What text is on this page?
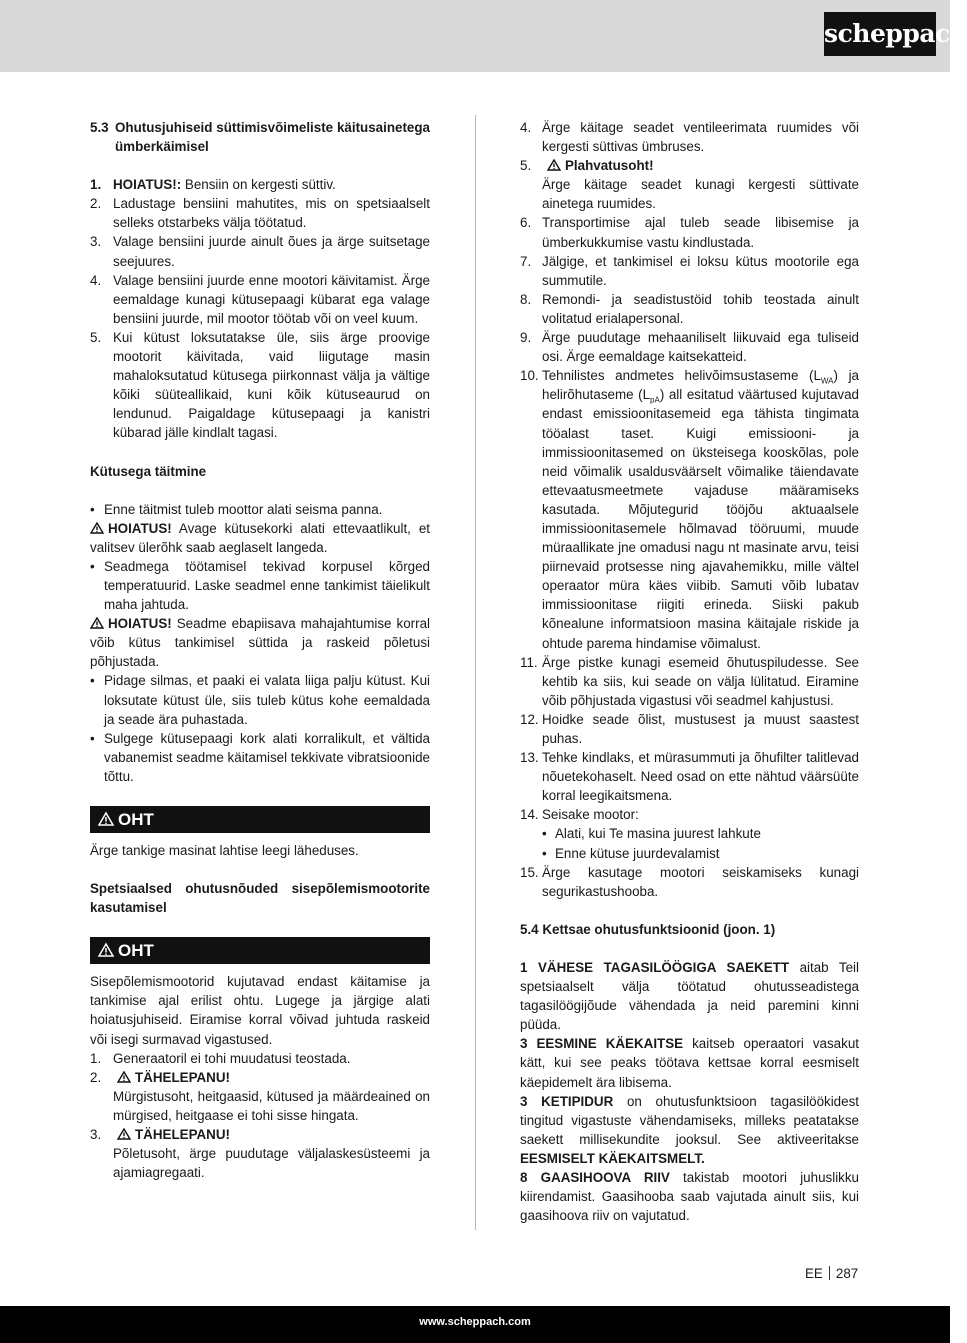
scheppach
5.3 Ohutusjuhiseid süttimisvõimeliste käitusainetega ümberkäimisel
1. HOIATUS!: Bensiin on kergesti süttiv.
2. Ladustage bensiini mahutites, mis on spetsiaalselt selleks otstarbeks välja töötatud.
3. Valage bensiini juurde ainult õues ja ärge suitsetage seejuures.
4. Valage bensiini juurde enne mootori käivitamist. Ärge eemaldage kunagi kütusepaagi kübarat ega valage bensiini juurde, mil mootor töötab või on veel kuum.
5. Kui kütust loksutatakse üle, siis ärge proovige mootorit käivitada, vaid liigutage masin mahaloksutatud kütusega piirkonnast välja ja vältige kõiki süüteallikaid, kuni kõik kütuseaurud on lendunud. Paigaldage kütusepaagi ja kanistri kübarad jälle kindlalt tagasi.

Kütusega täitmine

• Enne täitmist tuleb moottor alati seisma panna.

HOIATUS! Avage kütusekorki alati ettevaatlikult, et valitsev ülerõhk saab aeglaselt langeda.

• Seadmega töötamisel tekivad korpusel kõrged temperatuurid. Laske seadmel enne tankimist täielikult maha jahtuda.

HOIATUS! Seadme ebapiisava mahajahtumise korral võib kütus tankimisel süttida ja raskeid põletusi põhjustada.

• Pidage silmas, et paaki ei valata liiga palju kütust. Kui loksutate kütust üle, siis tuleb kütus kohe eemaldada ja seade ära puhastada.
• Sulgege kütusepaagi kork alati korralikult, et vältida vabanemist seadme käitamisel tekkivate vibratsioonide tõttu.
OHT

Ärge tankige masinat lahtise leegi läheduses.

Spetsiaalsed ohutusnõuded sisepõlemismootorite kasutamisel

OHT

Sisepõlemismootorid kujutavad endast käitamise ja tankimise ajal erilist ohtu. Lugege ja järgige alati hoiatusjuhiseid. Eiramise korral võivad juhtuda raskeid või isegi surmavad vigastused.

1. Generaatoril ei tohi muudatusi teostada.
2.	TÄHELEPANU!
Mürgistusoht, heitgaasid, kütused ja määrdeained on mürgised, heitgaase ei tohi sisse hingata.
3.	TÄHELEPANU!
Põletusoht, ärge puudutage väljalaskesüsteemi ja ajamiagregaati.
4. Ärge käitage seadet ventileerimata ruumides või kergesti süttivas ümbruses.
5.	Plahvatusoht!
Ärge käitage seadet kunagi kergesti süttivate ainetega ruumides.
6. Transportimise ajal tuleb seade libisemise ja ümberkukkumise vastu kindlustada.
7. Jälgige, et tankimisel ei loksu kütus mootorile ega summutile.
8. Remondi- ja seadistustöid tohib teostada ainult volitatud erialapersonal.
9. Ärge puudutage mehaaniliselt liikuvaid ega tuliseid osi. Ärge eemaldage kaitsekatteid.
10. Tehnilistes andmetes helivõimsustaseme $(L_{WA})$ ja helirõhutaseme $(L_{pA})$ all esitatud väärtused kujutavad endast emissioonitasemeid ega tähista tingimata tööalast taset. Kuigi emissiooni- ja immissioonitasemed on üksteisega kooskõlas, pole neid võimalik usaldusväärselt võimalike täiendavate ettevaatusmeetmete vajaduse määramiseks kasutada. Mõjutegurid tööjõu aktuaalsele immissioonitasemele hõlmavad tööruumi, muude müraallikate jne omadusi nagu nt masinate arvu, teisi piirnevaid protsesse ning ajavahemikku, mille vältel operaator müra käes viibib. Samuti võib lubatav immissioonitase riigiti erineda. Siiski pakub kõnealune informatsioon masina käitajale riskide ja ohtude parema hindamise võimalust.
11. Ärge pistke kunagi esemeid õhutuspiludesse. See kehtib ka siis, kui seade on välja lülitatud. Eiramine võib põhjustada vigastusi või seadmel kahjustusi.
12. Hoidke seade õlist, mustusest ja muust saastest puhas.
13. Tehke kindlaks, et mürasummuti ja õhufilter talitlevad nõuetekohaselt. Need osad on ette nähtud väärsüüte korral leegikaitsmena.
14. Seisake mootor:
• Alati, kui Te masina juurest lahkute
• Enne kütuse juurdevalamist
15. Ärge kasutage mootori seiskamiseks kunagi segurikastushooba.

5.4 Kettsae ohutusfunktsioonid (joon. 1)

1 VÄHESE TAGASILÖÖGIGA SAEKETT aitab Teil spetsiaalselt välja töötatud ohutusseadistega tagasilöögijõude vähendada ja neid paremini kinni püüda.

3 EESMINE KÄEKAITSE kaitseb operaatori vasakut kätt, kui see peaks töötava kettsae korral eesmiselt käepidemelt ära libisema.

3 KETIPIDUR on ohutusfunktsioon tagasilöökidest tingitud vigastuste vähendamiseks, milleks peatatakse saekett millisekundite jooksul. See aktiveeritakse EESMISELT KÄEKAITSMELT.

8 GAASIHOOVA RIIV takistab mootori juhuslikku kiirendamist. Gaasihooba saab vajutada ainult siis, kui gaasihoova riiv on vajutatud.

EE 287
www.scheppach.com
